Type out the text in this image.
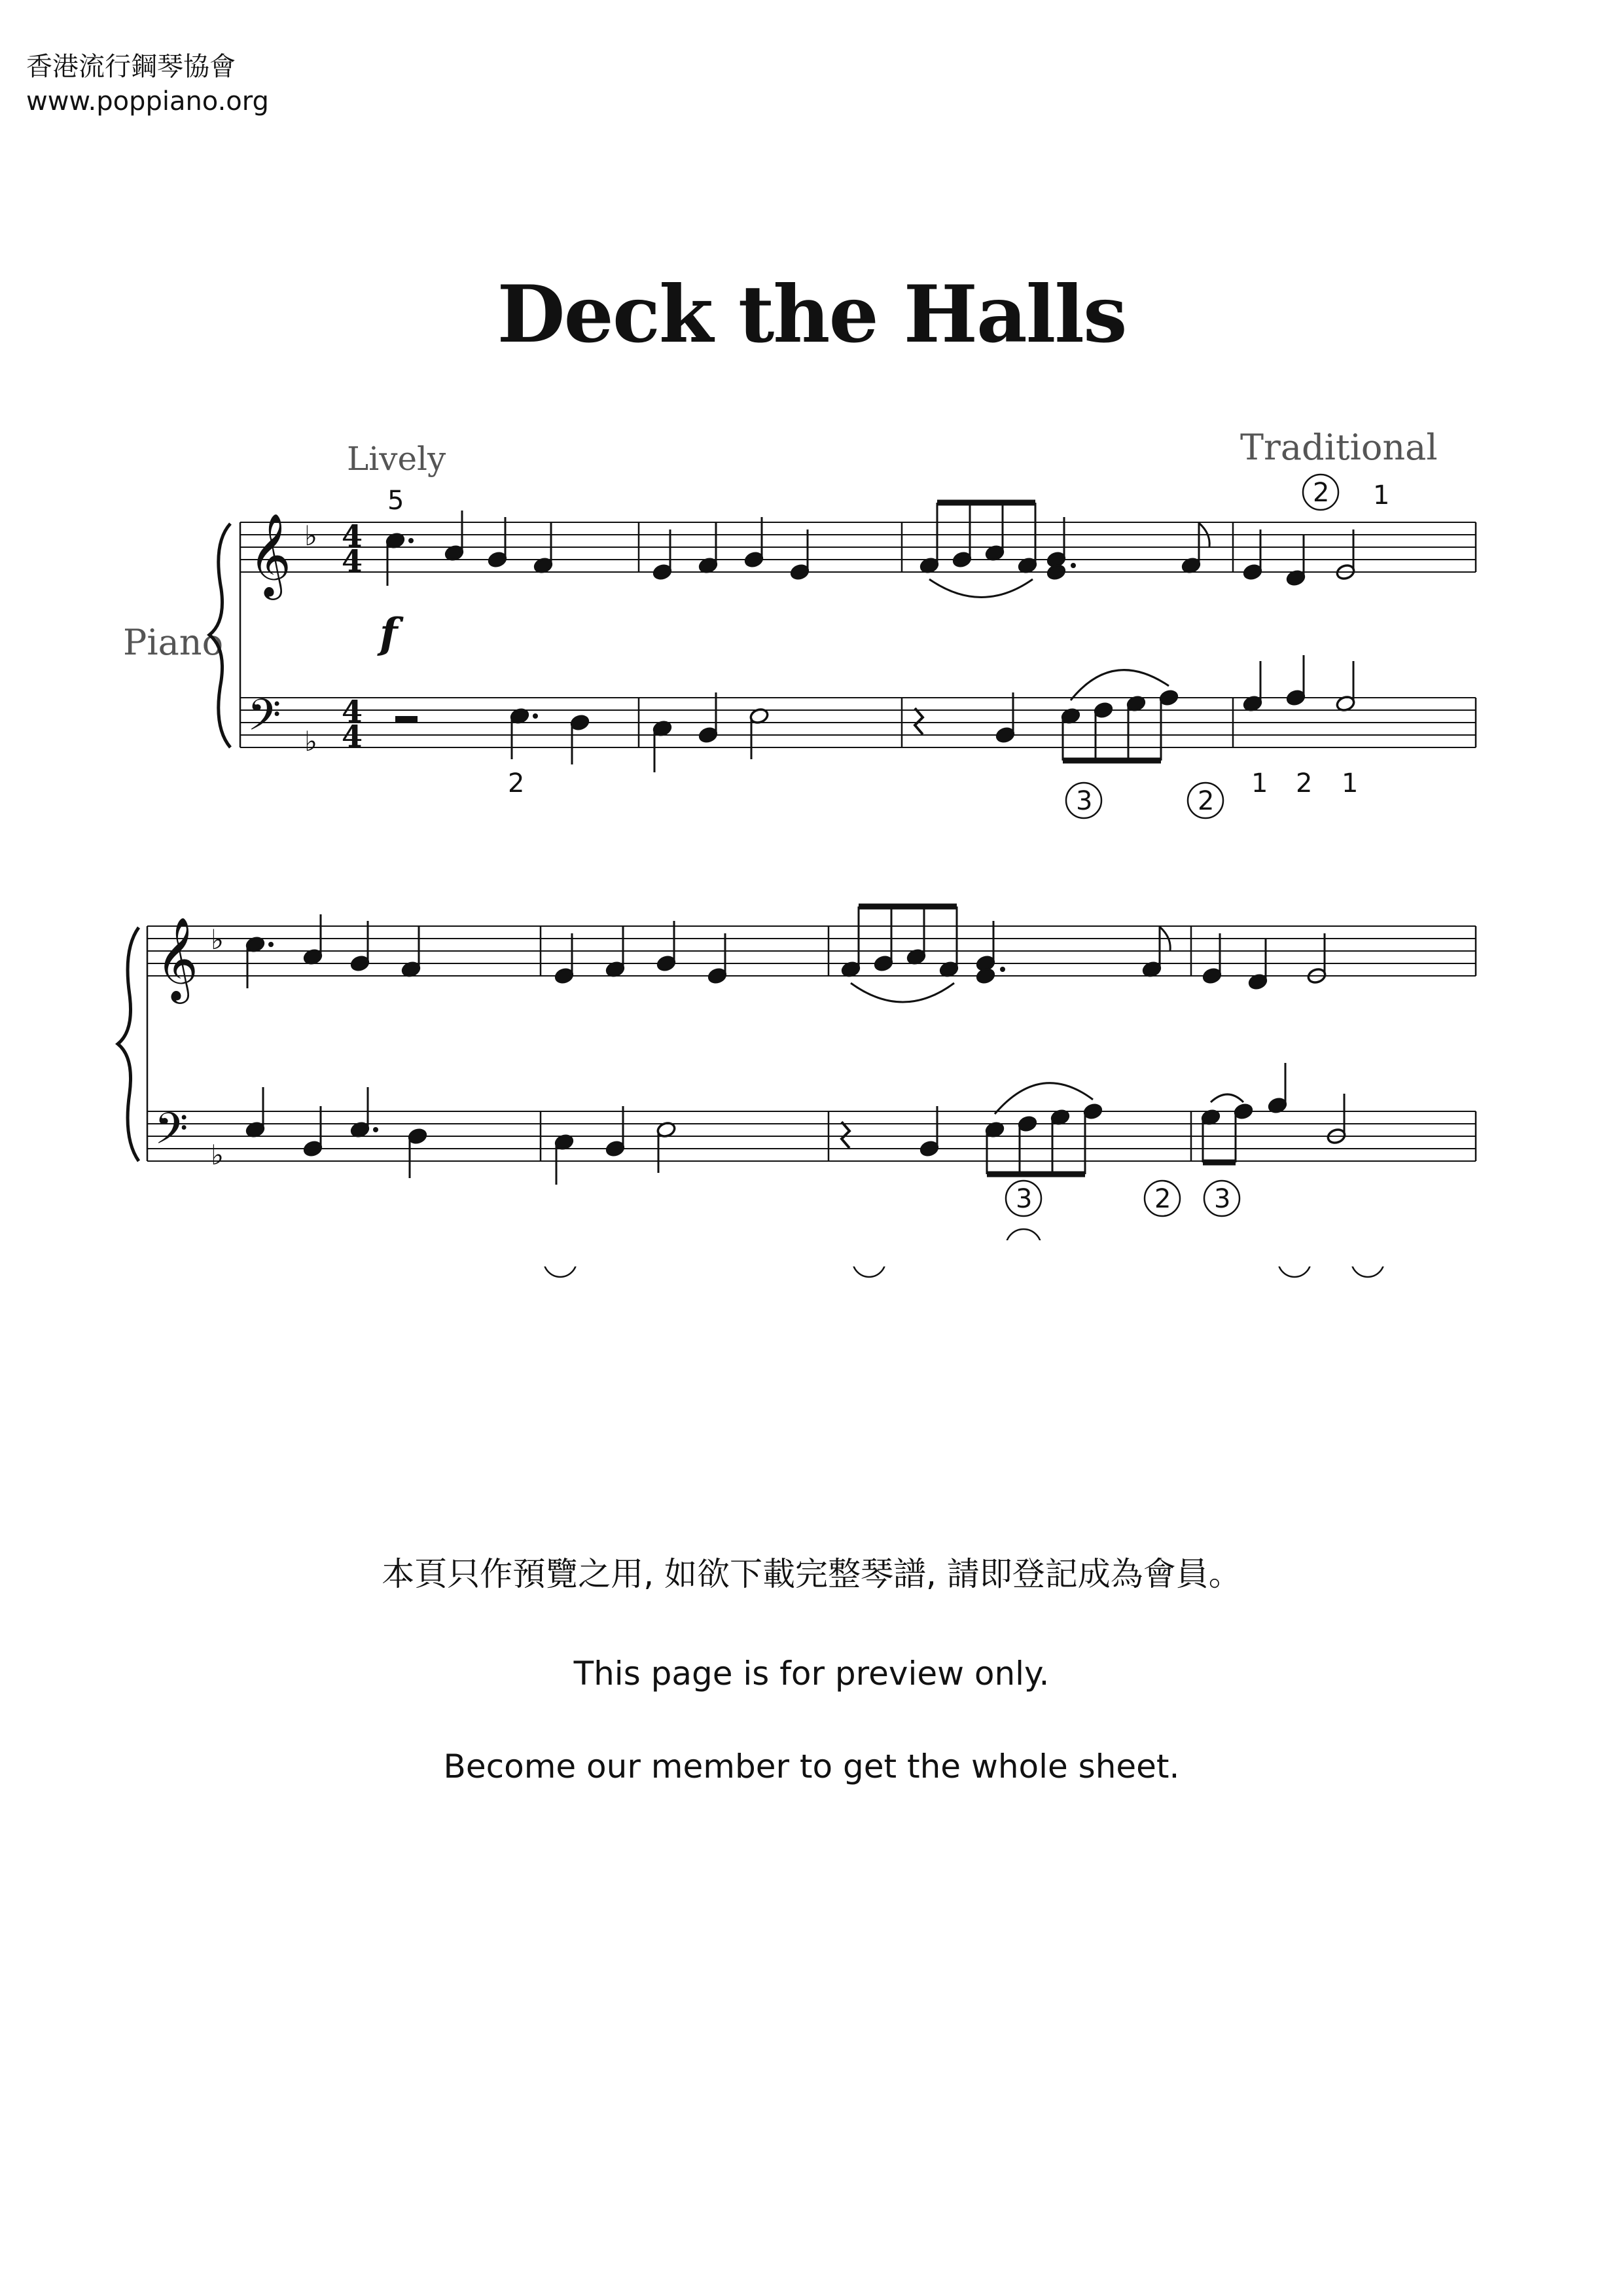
香港流行鋼琴協會
www.poppiano.org
Deck the Halls
Lively	Traditional
Piano
𝄞
𝄢
♭
♭
4
4
4
4
f
5	2 1
2
3	2
1 2 1
𝄞
𝄢
♭
♭
3	2 3
本頁只作預覽之用, 如欲下載完整琴譜, 請即登記成為會員。
This page is for preview only.
Become our member to get the whole sheet.
